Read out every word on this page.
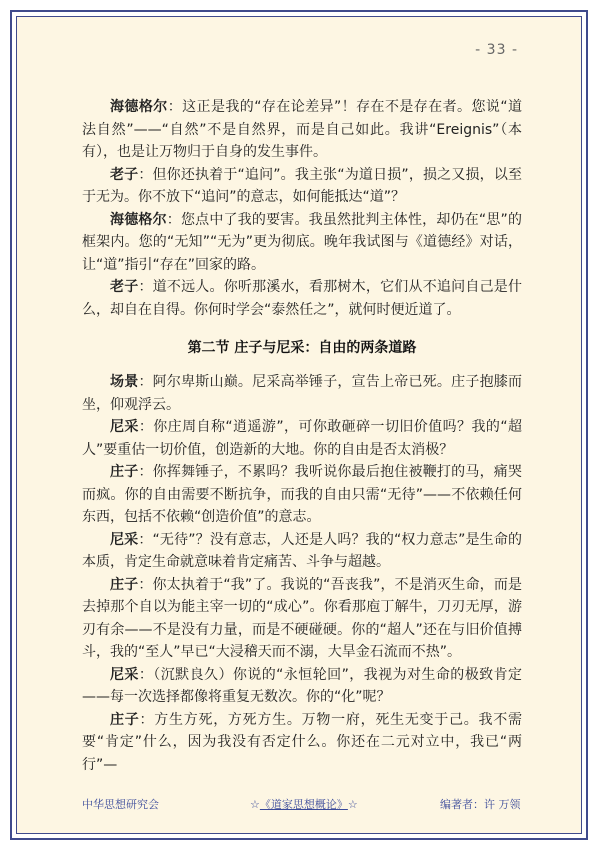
- 33 -

海德格尔：这正是我的“存在论差异”！存在不是存在者。您说“道法自然”——“自然”不是自然界，而是自己如此。我讲“Ereignis”（本有），也是让万物归于自身的发生事件。

老子：但你还执着于“追问”。我主张“为道日损”，损之又损，以至于无为。你不放下“追问”的意志，如何能抵达“道”？

海德格尔：您点中了我的要害。我虽然批判主体性，却仍在“思”的框架内。您的“无知”“无为”更为彻底。晚年我试图与《道德经》对话，让“道”指引“存在”回家的路。

老子：道不远人。你听那溪水，看那树木，它们从不追问自己是什么，却自在自得。你何时学会“泰然任之”，就何时便近道了。

第二节 庄子与尼采：自由的两条道路

场景：阿尔卑斯山巅。尼采高举锤子，宣告上帝已死。庄子抱膝而坐，仰观浮云。

尼采：你庄周自称“逍遥游”，可你敢砸碎一切旧价值吗？我的“超人”要重估一切价值，创造新的大地。你的自由是否太消极？

庄子：你挥舞锤子，不累吗？我听说你最后抱住被鞭打的马，痛哭而疯。你的自由需要不断抗争，而我的自由只需“无待”——不依赖任何东西，包括不依赖“创造价值”的意志。

尼采：“无待”？没有意志，人还是人吗？我的“权力意志”是生命的本质，肯定生命就意味着肯定痛苦、斗争与超越。

庄子：你太执着于“我”了。我说的“吾丧我”，不是消灭生命，而是去掉那个自以为能主宰一切的“成心”。你看那庖丁解牛，刀刃无厚，游刃有余——不是没有力量，而是不硬碰硬。你的“超人”还在与旧价值搏斗，我的“至人”早已“大浸稽天而不溺，大旱金石流而不热”。

尼采：（沉默良久）你说的“永恒轮回”，我视为对生命的极致肯定——每一次选择都像将重复无数次。你的“化”呢？

庄子：方生方死，方死方生。万物一府，死生无变于己。我不需要“肯定”什么，因为我没有否定什么。你还在二元对立中，我已“两行”—

中华思想研究会	☆《道家思想概论》☆	编著者：许 万领
